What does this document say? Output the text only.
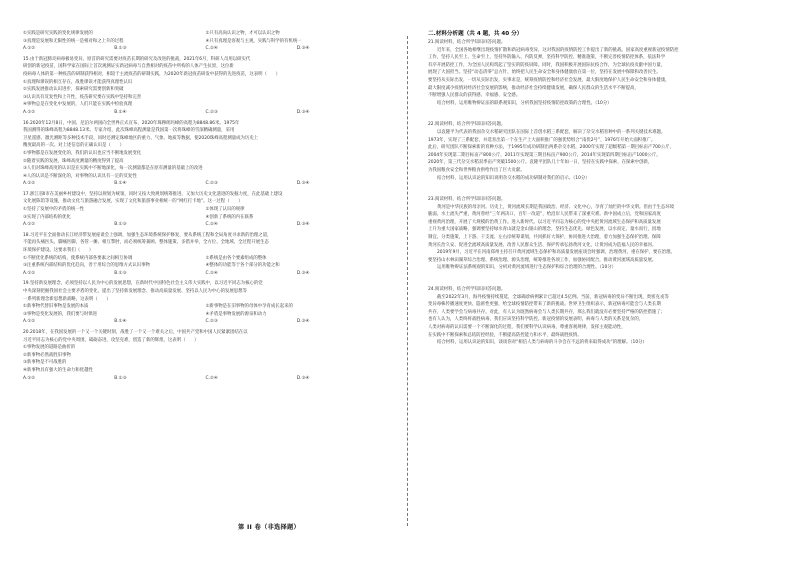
①实践是研究实践的变化规律发展的	②只有高尚认识之物，才可以认识之物
③真理是发展和无限性的统一是相对和之上升的过程	④只有真理是客观与主观，实践与科学的有机统一
A.①②	B.①③	C.②④	D.③④
15.由于新冠肺炎病毒极易变异，原首的研究需要对疫苗长期的研究及改进的挑战，2021年6月，科研人员用以研实代
研创的新冠疫苗，国科学家在国际上首次观测证实新冠病毒与自然相对的疫苗中所构的人体产生抗原，这位新
疫病毒人体的第一种疫苗的研制获得相对，相较于主流疫苗的研制实践，为2020年新冠疫苗研发中获得的先进疫苗，这表明（　　）
①真理和谬误的相互存在，战胜谬误才能获得真理性认识
②实践发展推动认识进步，探索研究需要创新和突破
③认识具有反复性和上升性，疫苗研究要在实践中坚持和完善
④事物总是在变化中发展的，人们只能在实践中检验真理
A.①②	B.①④	C.②③	D.③④
16.2020年12月8日，中国、尼泊尔两国向全世界正式宣布，2020年珠穆朗玛峰的高程为8848.86米。1975年
我国测得的珠峰高程为8848.13米。专家介绍，此次珠峰高程测量是我国第一次将珠峰的雪深精确测量，采用
卫星遥感、激光测距等多种技术手段，同时还测定珠峰地区的重力、气象、地质等数据，使2020珠峰高程测量成为历史上
精度最高的一次。对上述信息的正确认识是（　　）
①事物都是在发展变化的，我们的认识也应当不断地发展变化
②随着实践的发展，珠峰高度测量的精度得到了提高
③人们对珠峰高度的认识是在实践中不断地深化，每一次测量都是在原有测量的基础上的改进
④人的认识是不断深化的，对事物的认识具有一定的反复性
A.①②	B.①④	C.②③	D.③④
17.浙江省Ⅱ市在美丽乡村建设中，坚持以规划为统领，同时又按大致规划统筹推进，又加大历史文化遗迹的发掘力度，在此基础上建设
文化展陈馆等设施，推动文化与旅游融合发展，实现了文化和旅游事业相统一的“网红打卡地”。这一过程（　　）
①坚持了发展中的矛盾的统一性	②体现了认识的规律
③实现了内部结构的优化	④创新了系统的内在联系
A.①②	B.①③	C.②④	D.③④
18.习近平在全面推动长江经济带发展座谈会上强调，加强生态环境系统保护修复，要从系统工程和全局角度寻求新的治理之道，
不能再头痛医头、脚痛医脚，各管一摊、相互掣肘，而必须统筹兼顾、整体施策、多措并举，全方位、全地域、全过程开展生态
环境保护建设。这要求我们（　　）
①不断优化系统的结构，使系统内部各要素之间相互协调	②系统是由各个要素组成的整体
③注重系统内部结构的优化趋向，善于用综合的思维方式认识事物	④整体的功能等于各个部分的功能之和
A.①②	B.①③	C.②④	D.③④
19.坚持新发展理念，必须坚持以人民为中心的发展思想，在新时代中国特色社会主义伟大实践中，以习近平同志为核心的党
中央深刻把握我国社会主要矛盾的变化，提出了坚持新发展理念、推动高质量发展、坚持以人民为中心的发展思想等
一系列新理念新思想新战略，这表明（　　）
①新事物代替旧事物是发展的本质	②新事物是在旧事物的母体中孕育成长起来的
③事物是变化发展的，我们要与时俱进	④矛盾是事物发展的源泉和动力
A.①②	B.①④	C.②③	D.③④
20.2018年，在我国发展的一个又一个关键时刻，战胜了一个又一个难关之后，中国共产党和中国人民紧紧团结在以
习近平同志为核心的党中央周围，砥砺奋进，攻坚克难，创造了新的辉煌，这表明（　　）
①事物发展的道路是曲折的
②新事物必然战胜旧事物
③新事物是不可战胜的
④新事物具有强大的生命力和优越性
A.①②	B.①③	C.②④	D.③④
第 II 卷（非选择题）
二.材料分析题（共 4 题，共 40 分）
21.阅读材料，结合所学知识回答问题。
近年来，全国各地相继出现疫情扩散和新冠病毒变异，这对我国的疫情防控工作提出了新的挑战。国家高度重视新冠疫情防控
工作，坚持人民至上、生命至上，坚持外防输入、内防反弹，坚持科学防控、精准施策，不断完善疫情防控体系，依法科学
有序开展防控工作，为全国人民构筑起了坚实的防疫屏障。同时，我国积极开展国际抗疫合作，为全球抗疫贡献中国力量，
展现了大国担当。坚持“动态清零”总方针，始终把人民生命安全和身体健康放在第一位，坚持在发展中保障和改善民生。
要坚持从实际出发，一切从实际出发，实事求是，统筹疫情防控和经济社会发展，最大限度地保护人民生命安全和身体健康，
最大限度减少疫情对经济社会发展的影响，推动经济社会持续健康发展，确保人民群众的生活水平不断提高，
不断增强人民群众的获得感、幸福感、安全感。
结合材料，运用唯物辩证法的联系观知识，分析我国坚持疫情防控政策的合理性。（10分）
22.阅读材料，结合所学知识回答问题。
以袁隆平为代表的我国杂交水稻研究团队在国际上首创水稻三系配套，解决了杂交水稻育种中的一系列关键技术难题。
1973年，实现了三系配套，并选育出第一个在生产上大面积推广的强优势组合“南优2号”，1976年开始大面积推广。
此后，研究团队不断探索新的育种方法，于1995年成功研制出两系杂交水稻，2000年实现了超级稻第一期目标亩产700公斤，
2004年实现第二期目标亩产800公斤，2011年实现第三期目标亩产900公斤，2014年实现第四期目标亩产1000公斤。
2020年，第三代杂交水稻双季亩产突破1500公斤。袁隆平团队几十年如一日，坚持在实践中探索，在探索中创新，
为我国粮食安全和世界粮食供给作出了巨大贡献。
结合材料，运用认识论的知识说明杂交水稻的成功研制对我们的启示。（10分）
23.阅读材料，结合所学知识回答问题。
黄河是中华民族的母亲河。历史上，黄河流域长期是我国政治、经济、文化中心，孕育了灿烂的中华文明。但由于生态环境
脆弱，水土流失严重，黄河曾经“三年两决口，百年一改道”，给沿岸人民带来了深重灾难。新中国成立后，党和国家高度
重视黄河治理，开展了大规模的治黄工作。进入新时代，以习近平同志为核心的党中央把黄河流域生态保护和高质量发展
上升为重大国家战略，强调要坚持绿水青山就是金山银山的理念，坚持生态优先、绿色发展，以水而定、量水而行，因地
制宜、分类施策，上下游、干支流、左右岸统筹谋划，共同抓好大保护，协同推进大治理，着力加强生态保护治理、保障
黄河长治久安、促进全流域高质量发展、改善人民群众生活、保护传承弘扬黄河文化，让黄河成为造福人民的幸福河。
2019年9月，习近平在河南郑州主持召开黄河流域生态保护和高质量发展座谈会时强调，治理黄河，重在保护，要在治理。
要坚持山水林田湖草综合治理、系统治理、源头治理，统筹推进各项工作，加强协同配合，推动黄河流域高质量发展。
运用唯物辩证法系统观的知识，分析对黄河流域进行生态保护和综合治理的合理性。（10分）
24.阅读材料，结合所学知识回答问题。
截至2022年3月，海外疫情持续蔓延，全球确诊病例累计已超过4.5亿例。当前，新冠病毒的变异不断出现，奥密克戎等
变异毒株传播速度更快、隐匿性更强，给全球疫情防控带来了新的挑战。世界卫生组织表示，新冠病毒可能会与人类长期
共存，人类要学会与病毒共存。对此，有人认为既然病毒会与人类长期共存，那么我们就没有必要坚持严格的防控措施了；
也有人认为，人类终将战胜病毒，我们应该坚持科学防控。新冠疫情的发展表明，病毒与人类的关系是复杂的，
人类对病毒的认识需要一个不断深化的过程，我们要科学认识病毒，尊重客观规律，发挥主观能动性，
在实践中不断探索和总结防控经验，不断提高防控能力和水平，最终战胜疫情。
结合材料，运用认识论的知识，谈谈你对“相信人类与病毒的斗争会在不远的将来取得成功”的理解。（10分）
